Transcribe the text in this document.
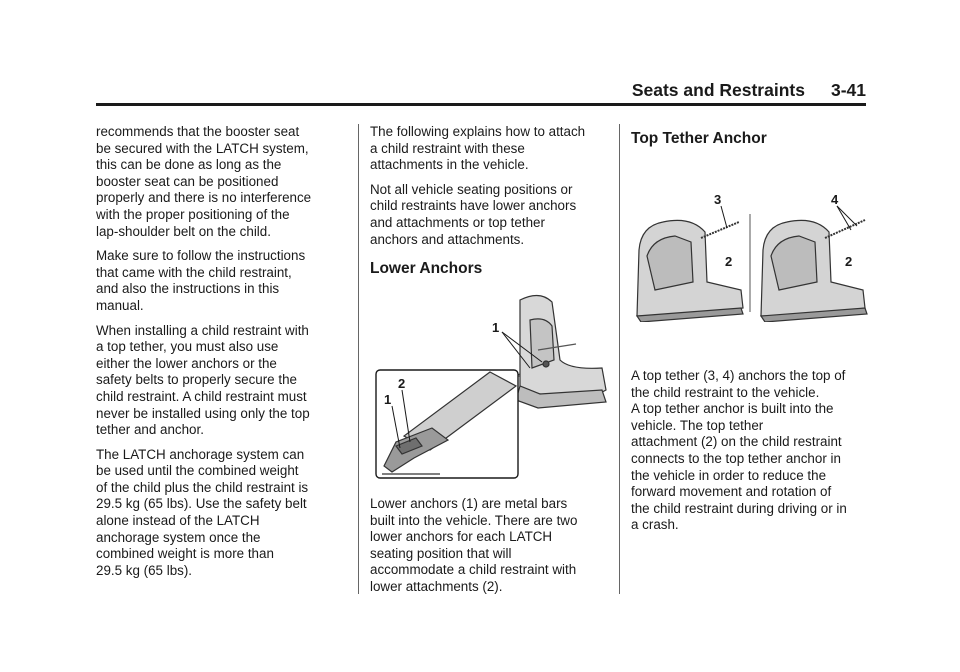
Seats and Restraints 3-41

recommends that the booster seat
be secured with the LATCH system,
this can be done as long as the
booster seat can be positioned
properly and there is no interference
with the proper positioning of the
lap-shoulder belt on the child.

Make sure to follow the instructions
that came with the child restraint,
and also the instructions in this
manual.

When installing a child restraint with
a top tether, you must also use
either the lower anchors or the
safety belts to properly secure the
child restraint. A child restraint must
never be installed using only the top
tether and anchor.

The LATCH anchorage system can
be used until the combined weight
of the child plus the child restraint is
29.5 kg (65 lbs). Use the safety belt
alone instead of the LATCH
anchorage system once the
combined weight is more than
29.5 kg (65 lbs).

The following explains how to attach
a child restraint with these
attachments in the vehicle.

Not all vehicle seating positions or
child restraints have lower anchors
and attachments or top tether
anchors and attachments.

Lower Anchors
1
1
2
Lower anchors (1) are metal bars
built into the vehicle. There are two
lower anchors for each LATCH
seating position that will
accommodate a child restraint with
lower attachments (2).
Top Tether Anchor
3
2
4
2
A top tether (3, 4) anchors the top of
the child restraint to the vehicle.
A top tether anchor is built into the
vehicle. The top tether
attachment (2) on the child restraint
connects to the top tether anchor in
the vehicle in order to reduce the
forward movement and rotation of
the child restraint during driving or in
a crash.
